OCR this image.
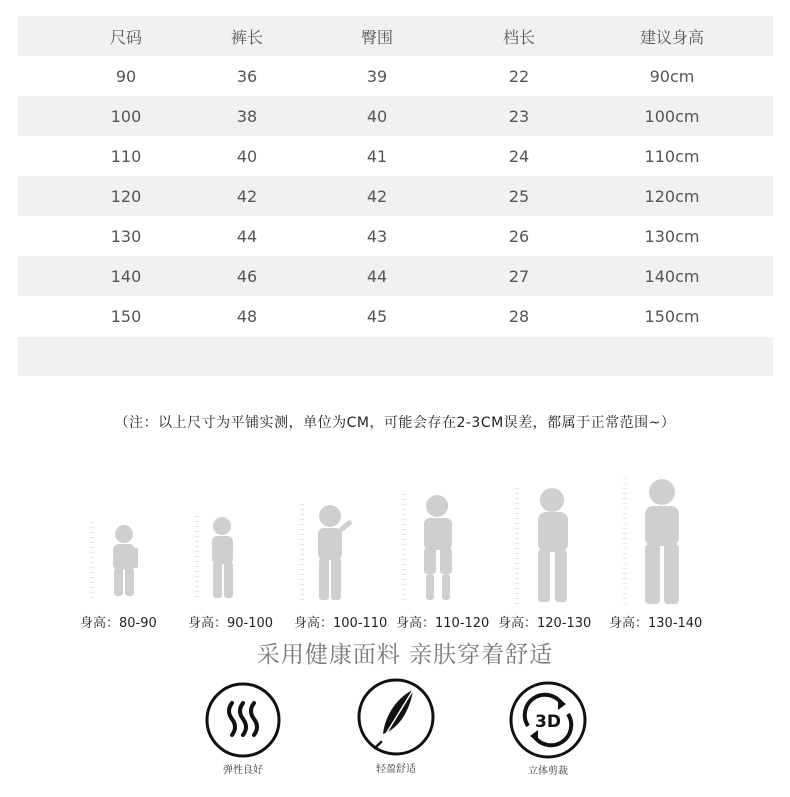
尺码	裤长	臀围	档长	建议身高
90	36	39	22	90cm
100	38	40	23	100cm
110	40	41	24	110cm
120	42	42	25	120cm
130	44	43	26	130cm
140	46	44	27	140cm
150	48	45	28	150cm
（注：以上尺寸为平铺实测，单位为CM，可能会存在2-3CM误差，都属于正常范围~）
身高：80-90 身高：90-100 身高：100-110 身高：110-120 身高：120-130 身高：130-140
采用健康面料 亲肤穿着舒适
弹性良好	轻盈舒适
3D
立体剪裁
